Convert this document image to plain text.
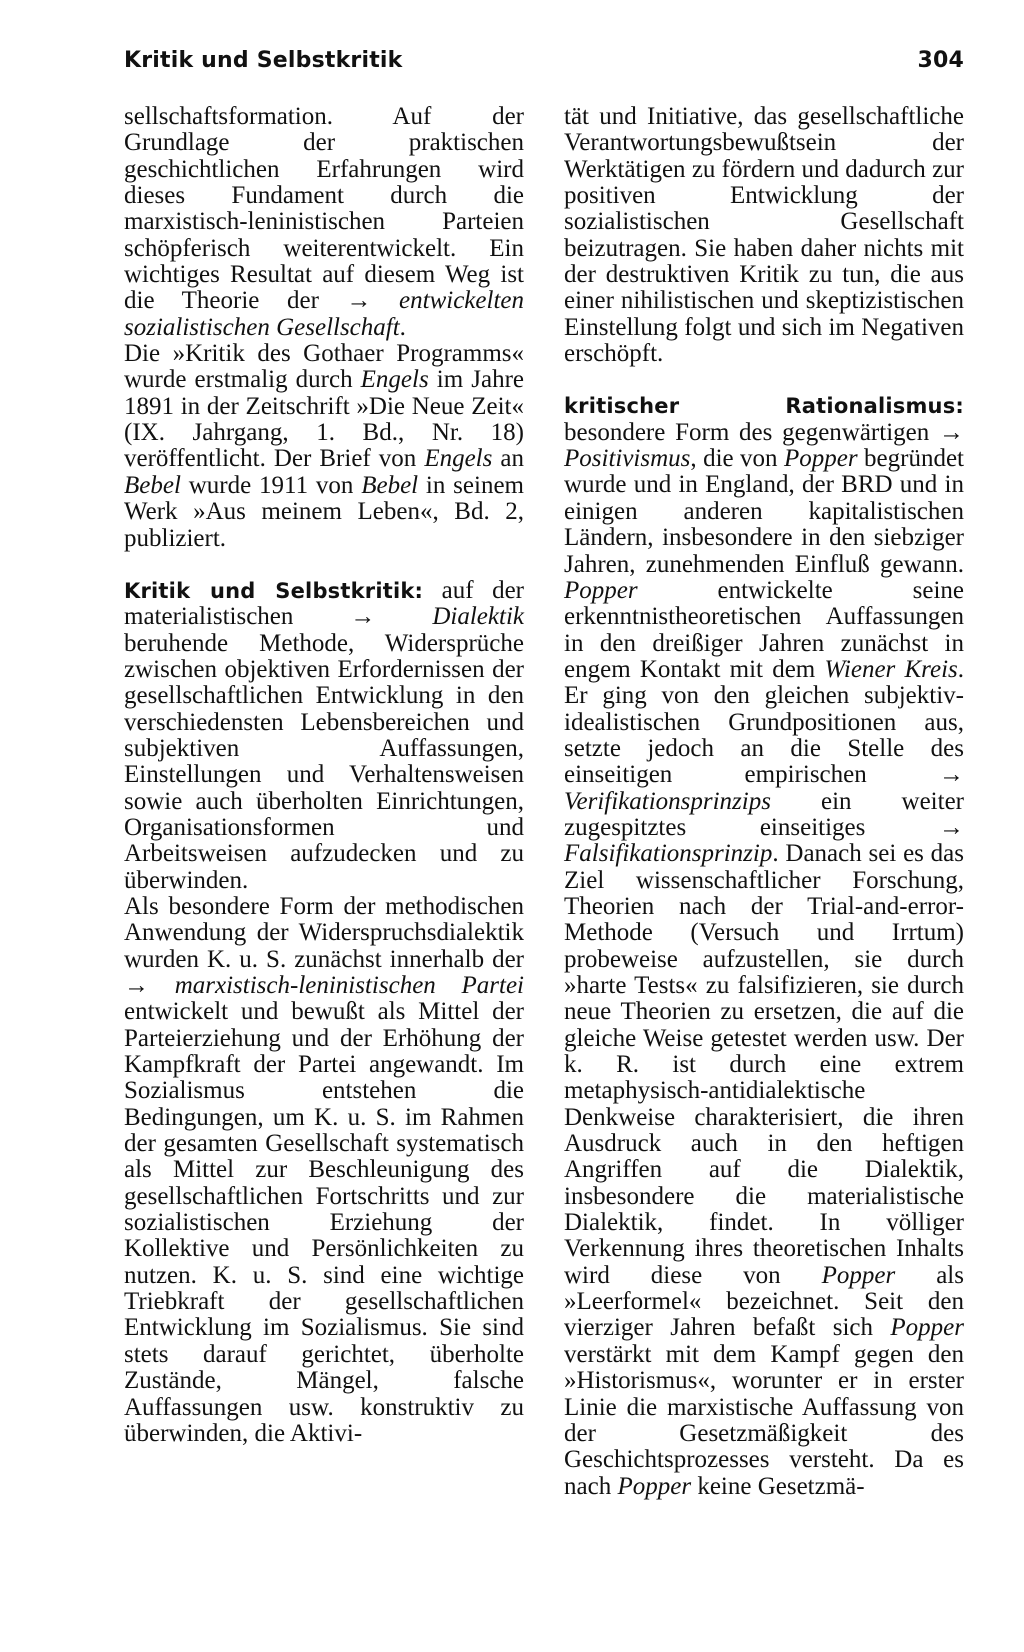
Kritik und Selbstkritik	304

sellschaftsformation. Auf der Grundlage der praktischen geschichtlichen Erfahrungen wird dieses Fundament durch die marxistisch-leninistischen Parteien schöpferisch weiterentwickelt. Ein wichtiges Resultat auf diesem Weg ist die Theorie der → entwickelten sozialistischen Gesellschaft.

Die »Kritik des Gothaer Programms« wurde erstmalig durch Engels im Jahre 1891 in der Zeitschrift »Die Neue Zeit« (IX. Jahrgang, 1. Bd., Nr. 18) veröffentlicht. Der Brief von Engels an Bebel wurde 1911 von Bebel in seinem Werk »Aus meinem Leben«, Bd. 2, publiziert.

Kritik und Selbstkritik: auf der materialistischen → Dialektik beruhende Methode, Widersprüche zwischen objektiven Erfordernissen der gesellschaftlichen Entwicklung in den verschiedensten Lebensbereichen und subjektiven Auffassungen, Einstellungen und Verhaltensweisen sowie auch überholten Einrichtungen, Organisationsformen und Arbeitsweisen aufzudecken und zu überwinden.

Als besondere Form der methodischen Anwendung der Widerspruchsdialektik wurden K. u. S. zunächst innerhalb der → marxistisch-leninistischen Partei entwickelt und bewußt als Mittel der Parteierziehung und der Erhöhung der Kampfkraft der Partei angewandt. Im Sozialismus entstehen die Bedingungen, um K. u. S. im Rahmen der gesamten Gesellschaft systematisch als Mittel zur Beschleunigung des gesellschaftlichen Fortschritts und zur sozialistischen Erziehung der Kollektive und Persönlichkeiten zu nutzen. K. u. S. sind eine wichtige Triebkraft der gesellschaftlichen Entwicklung im Sozialismus. Sie sind stets darauf gerichtet, überholte Zustände, Mängel, falsche Auffassungen usw. konstruktiv zu überwinden, die Aktivi-

tät und Initiative, das gesellschaftliche Verantwortungsbewußtsein der Werktätigen zu fördern und dadurch zur positiven Entwicklung der sozialistischen Gesellschaft beizutragen. Sie haben daher nichts mit der destruktiven Kritik zu tun, die aus einer nihilistischen und skeptizistischen Einstellung folgt und sich im Negativen erschöpft.

kritischer Rationalismus: besondere Form des gegenwärtigen → Positivismus, die von Popper begründet wurde und in England, der BRD und in einigen anderen kapitalistischen Ländern, insbesondere in den siebziger Jahren, zunehmenden Einfluß gewann. Popper entwickelte seine erkenntnistheoretischen Auffassungen in den dreißiger Jahren zunächst in engem Kontakt mit dem Wiener Kreis. Er ging von den gleichen subjektiv-idealistischen Grundpositionen aus, setzte jedoch an die Stelle des einseitigen empirischen → Verifikationsprinzips ein weiter zugespitztes einseitiges → Falsifikationsprinzip. Danach sei es das Ziel wissenschaftlicher Forschung, Theorien nach der Trial-and-error-Methode (Versuch und Irrtum) probeweise aufzustellen, sie durch »harte Tests« zu falsifizieren, sie durch neue Theorien zu ersetzen, die auf die gleiche Weise getestet werden usw. Der k. R. ist durch eine extrem metaphysisch-antidialektische Denkweise charakterisiert, die ihren Ausdruck auch in den heftigen Angriffen auf die Dialektik, insbesondere die materialistische Dialektik, findet. In völliger Verkennung ihres theoretischen Inhalts wird diese von Popper als »Leerformel« bezeichnet. Seit den vierziger Jahren befaßt sich Popper verstärkt mit dem Kampf gegen den »Historismus«, worunter er in erster Linie die marxistische Auffassung von der Gesetzmäßigkeit des Geschichtsprozesses versteht. Da es nach Popper keine Gesetzmä-
